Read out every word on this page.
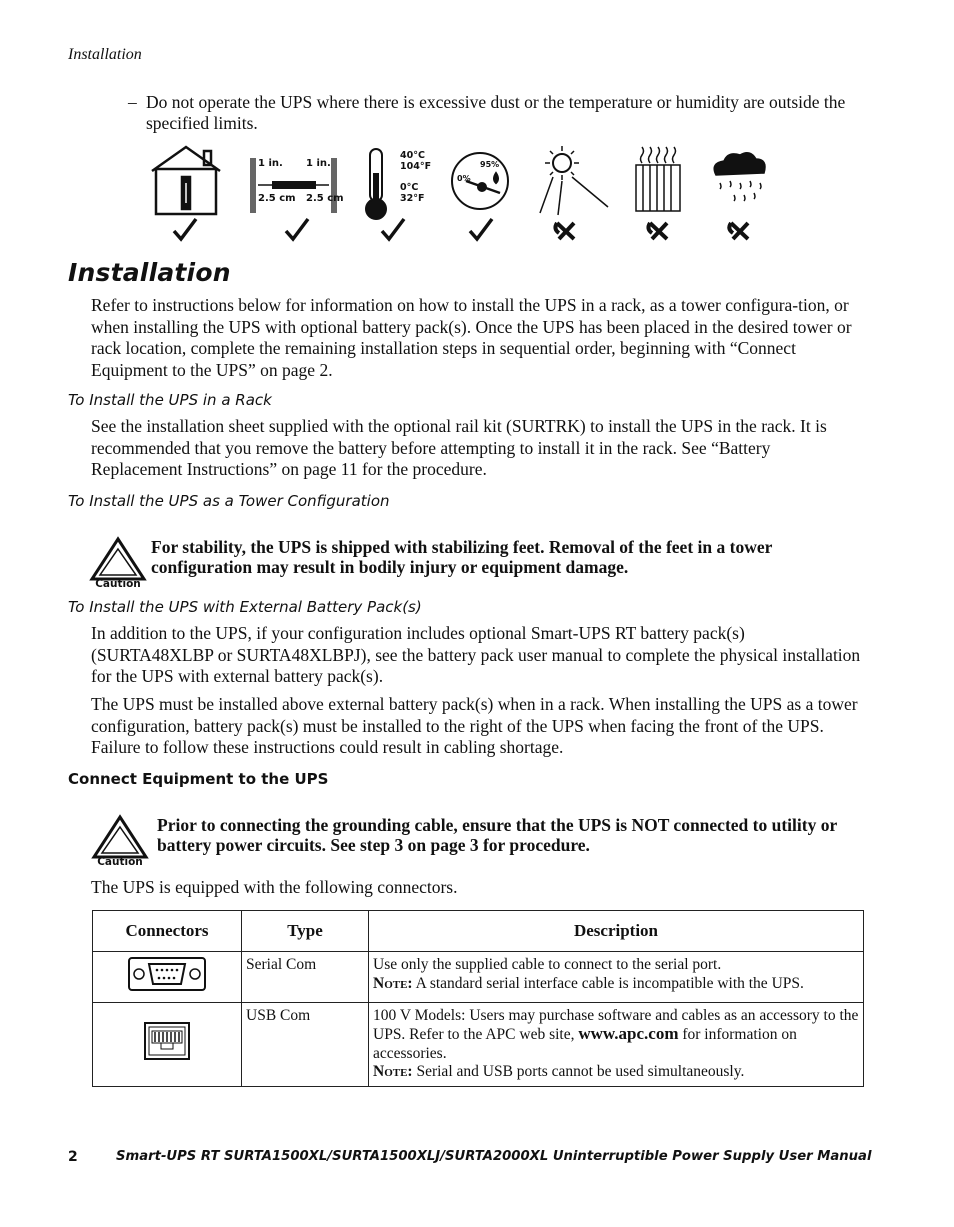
Installation
– Do not operate the UPS where there is excessive dust or the temperature or humidity are outside the specified limits.
1 in. 1 in.
2.5 cm 2.5 cm
40°C
104°F
0°C
32°F
0%
95%
Installation
Refer to instructions below for information on how to install the UPS in a rack, as a tower configura-tion, or when installing the UPS with optional battery pack(s). Once the UPS has been placed in the desired tower or rack location, complete the remaining installation steps in sequential order, beginning with “Connect Equipment to the UPS” on page 2.
To Install the UPS in a Rack
See the installation sheet supplied with the optional rail kit (SURTRK) to install the UPS in the rack. It is recommended that you remove the battery before attempting to install it in the rack. See “Battery Replacement Instructions” on page 11 for the procedure.
To Install the UPS as a Tower Configuration
Caution
For stability, the UPS is shipped with stabilizing feet. Removal of the feet in a tower configuration may result in bodily injury or equipment damage.
To Install the UPS with External Battery Pack(s)
In addition to the UPS, if your configuration includes optional Smart-UPS RT battery pack(s) (SURTA48XLBP or SURTA48XLBPJ), see the battery pack user manual to complete the physical installation for the UPS with external battery pack(s).
The UPS must be installed above external battery pack(s) when in a rack. When installing the UPS as a tower configuration, battery pack(s) must be installed to the right of the UPS when facing the front of the UPS. Failure to follow these instructions could result in cabling shortage.
Connect Equipment to the UPS
Caution
Prior to connecting the grounding cable, ensure that the UPS is NOT connected to utility or battery power circuits. See step 3 on page 3 for procedure.
The UPS is equipped with the following connectors.
Connectors	Type	Description
	Serial Com	Use only the supplied cable to connect to the serial port.
Note: A standard serial interface cable is incompatible with the UPS.
	USB Com	100 V Models: Users may purchase software and cables as an accessory to the UPS. Refer to the APC web site, www.apc.com for information on accessories.
Note: Serial and USB ports cannot be used simultaneously.
2	Smart-UPS RT SURTA1500XL/SURTA1500XLJ/SURTA2000XL Uninterruptible Power Supply User Manual
